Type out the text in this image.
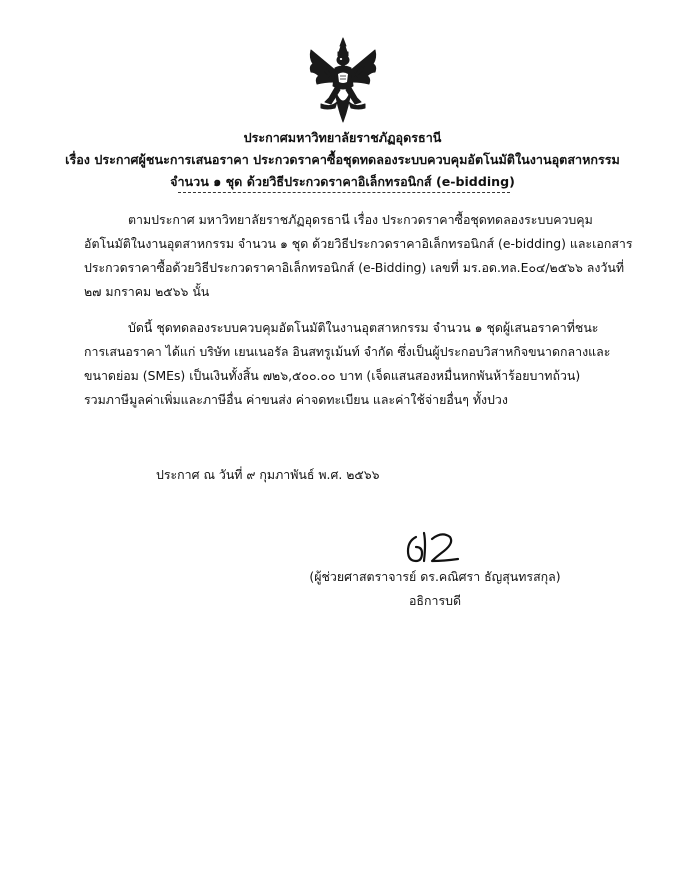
ประกาศมหาวิทยาลัยราชภัฏอุดรธานี
เรื่อง ประกาศผู้ชนะการเสนอราคา ประกวดราคาซื้อชุดทดลองระบบควบคุมอัตโนมัติในงานอุตสาหกรรม
จำนวน ๑ ชุด ด้วยวิธีประกวดราคาอิเล็กทรอนิกส์ (e-bidding)
ตามประกาศ มหาวิทยาลัยราชภัฏอุดรธานี เรื่อง ประกวดราคาซื้อชุดทดลองระบบควบคุม
อัตโนมัติในงานอุตสาหกรรม จำนวน ๑ ชุด ด้วยวิธีประกวดราคาอิเล็กทรอนิกส์ (e-bidding) และเอกสาร
ประกวดราคาซื้อด้วยวิธีประกวดราคาอิเล็กทรอนิกส์ (e-Bidding) เลขที่ มร.อด.ทล.E๐๔/๒๕๖๖ ลงวันที่
๒๗ มกราคม ๒๕๖๖ นั้น
บัดนี้ ชุดทดลองระบบควบคุมอัตโนมัติในงานอุตสาหกรรม จำนวน ๑ ชุดผู้เสนอราคาที่ชนะ
การเสนอราคา ได้แก่ บริษัท เยนเนอรัล อินสทรูเม้นท์ จำกัด ซึ่งเป็นผู้ประกอบวิสาหกิจขนาดกลางและ
ขนาดย่อม (SMEs) เป็นเงินทั้งสิ้น ๗๒๖,๕๐๐.๐๐ บาท (เจ็ดแสนสองหมื่นหกพันห้าร้อยบาทถ้วน)
รวมภาษีมูลค่าเพิ่มและภาษีอื่น ค่าขนส่ง ค่าจดทะเบียน และค่าใช้จ่ายอื่นๆ ทั้งปวง
ประกาศ ณ วันที่ ๙ กุมภาพันธ์ พ.ศ. ๒๕๖๖
(ผู้ช่วยศาสตราจารย์ ดร.คณิศรา ธัญสุนทรสกุล)
อธิการบดี
